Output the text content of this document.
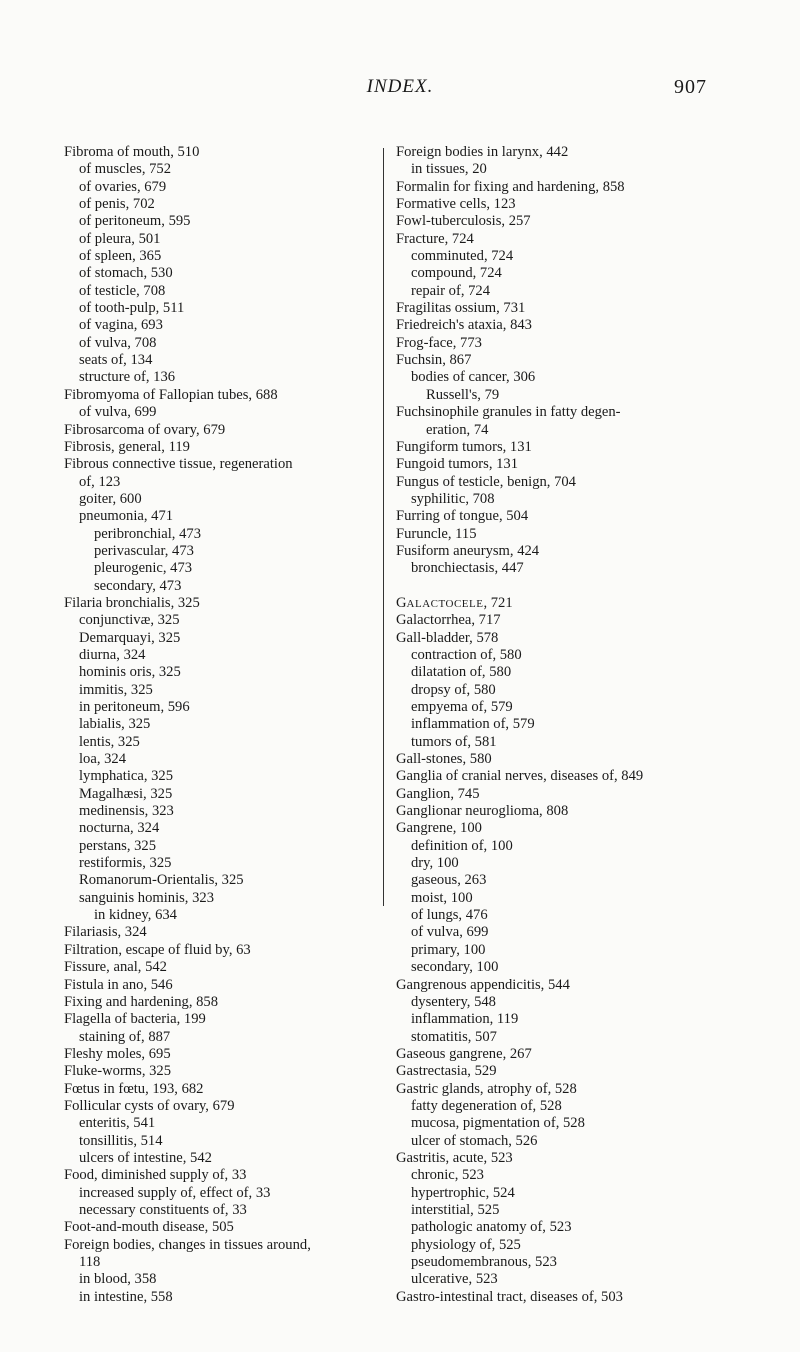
INDEX.	907
Fibroma of mouth, 510
of muscles, 752
of ovaries, 679
of penis, 702
of peritoneum, 595
of pleura, 501
of spleen, 365
of stomach, 530
of testicle, 708
of tooth-pulp, 511
of vagina, 693
of vulva, 708
seats of, 134
structure of, 136
Fibromyoma of Fallopian tubes, 688
of vulva, 699
Fibrosarcoma of ovary, 679
Fibrosis, general, 119
Fibrous connective tissue, regeneration
of, 123
goiter, 600
pneumonia, 471
peribronchial, 473
perivascular, 473
pleurogenic, 473
secondary, 473
Filaria bronchialis, 325
conjunctivæ, 325
Demarquayi, 325
diurna, 324
hominis oris, 325
immitis, 325
in peritoneum, 596
labialis, 325
lentis, 325
loa, 324
lymphatica, 325
Magalhæsi, 325
medinensis, 323
nocturna, 324
perstans, 325
restiformis, 325
Romanorum-Orientalis, 325
sanguinis hominis, 323
in kidney, 634
Filariasis, 324
Filtration, escape of fluid by, 63
Fissure, anal, 542
Fistula in ano, 546
Fixing and hardening, 858
Flagella of bacteria, 199
staining of, 887
Fleshy moles, 695
Fluke-worms, 325
Fœtus in fœtu, 193, 682
Follicular cysts of ovary, 679
enteritis, 541
tonsillitis, 514
ulcers of intestine, 542
Food, diminished supply of, 33
increased supply of, effect of, 33
necessary constituents of, 33
Foot-and-mouth disease, 505
Foreign bodies, changes in tissues around,
118
in blood, 358
in intestine, 558
Foreign bodies in larynx, 442
in tissues, 20
Formalin for fixing and hardening, 858
Formative cells, 123
Fowl-tuberculosis, 257
Fracture, 724
comminuted, 724
compound, 724
repair of, 724
Fragilitas ossium, 731
Friedreich's ataxia, 843
Frog-face, 773
Fuchsin, 867
bodies of cancer, 306
Russell's, 79
Fuchsinophile granules in fatty degen-
eration, 74
Fungiform tumors, 131
Fungoid tumors, 131
Fungus of testicle, benign, 704
syphilitic, 708
Furring of tongue, 504
Furuncle, 115
Fusiform aneurysm, 424
bronchiectasis, 447
GALACTOCELE, 721
Galactorrhea, 717
Gall-bladder, 578
contraction of, 580
dilatation of, 580
dropsy of, 580
empyema of, 579
inflammation of, 579
tumors of, 581
Gall-stones, 580
Ganglia of cranial nerves, diseases of, 849
Ganglion, 745
Ganglionar neuroglioma, 808
Gangrene, 100
definition of, 100
dry, 100
gaseous, 263
moist, 100
of lungs, 476
of vulva, 699
primary, 100
secondary, 100
Gangrenous appendicitis, 544
dysentery, 548
inflammation, 119
stomatitis, 507
Gaseous gangrene, 267
Gastrectasia, 529
Gastric glands, atrophy of, 528
fatty degeneration of, 528
mucosa, pigmentation of, 528
ulcer of stomach, 526
Gastritis, acute, 523
chronic, 523
hypertrophic, 524
interstitial, 525
pathologic anatomy of, 523
physiology of, 525
pseudomembranous, 523
ulcerative, 523
Gastro-intestinal tract, diseases of, 503
